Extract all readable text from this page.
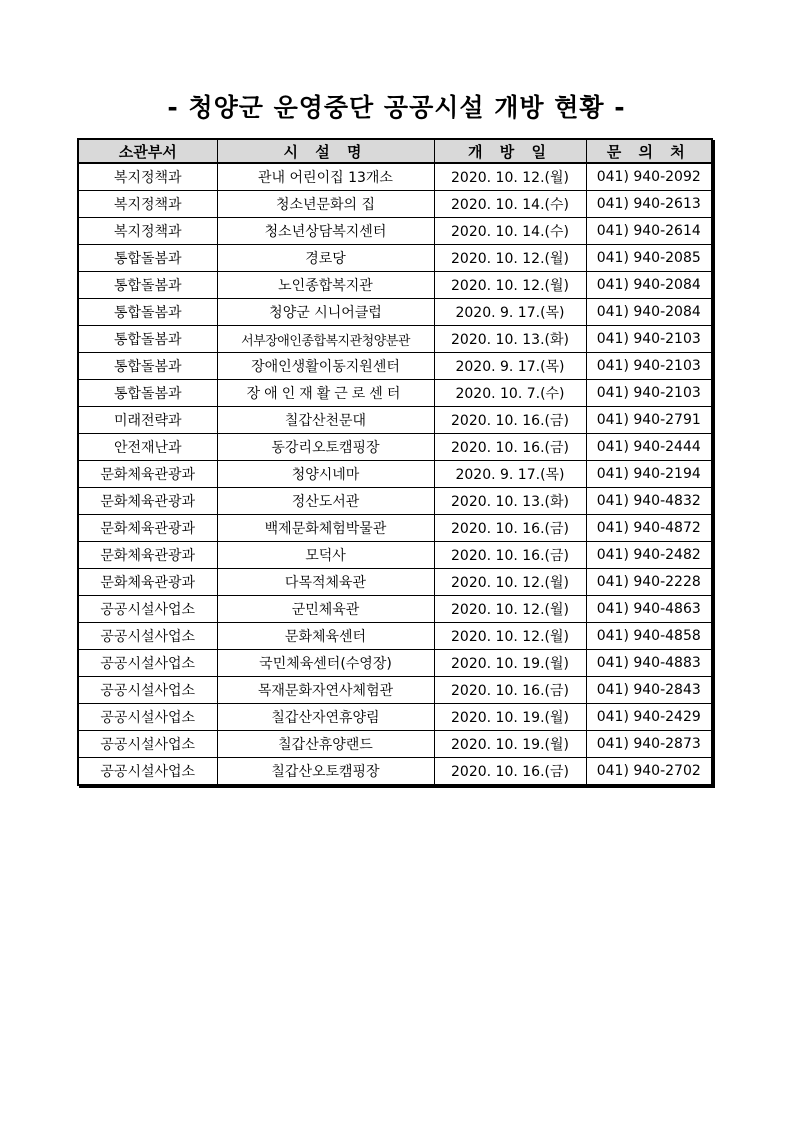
- 청양군 운영중단 공공시설 개방 현황 -
소관부서	시 설 명	개 방 일	문 의 처
복지정책과	관내 어린이집 13개소	2020. 10. 12.(월)	041) 940-2092
복지정책과	청소년문화의 집	2020. 10. 14.(수)	041) 940-2613
복지정책과	청소년상담복지센터	2020. 10. 14.(수)	041) 940-2614
통합돌봄과	경로당	2020. 10. 12.(월)	041) 940-2085
통합돌봄과	노인종합복지관	2020. 10. 12.(월)	041) 940-2084
통합돌봄과	청양군 시니어클럽	2020. 9. 17.(목)	041) 940-2084
통합돌봄과	서부장애인종합복지관청양분관	2020. 10. 13.(화)	041) 940-2103
통합돌봄과	장애인생활이동지원센터	2020. 9. 17.(목)	041) 940-2103
통합돌봄과	장애인재활근로센터	2020. 10. 7.(수)	041) 940-2103
미래전략과	칠갑산천문대	2020. 10. 16.(금)	041) 940-2791
안전재난과	동강리오토캠핑장	2020. 10. 16.(금)	041) 940-2444
문화체육관광과	청양시네마	2020. 9. 17.(목)	041) 940-2194
문화체육관광과	정산도서관	2020. 10. 13.(화)	041) 940-4832
문화체육관광과	백제문화체험박물관	2020. 10. 16.(금)	041) 940-4872
문화체육관광과	모덕사	2020. 10. 16.(금)	041) 940-2482
문화체육관광과	다목적체육관	2020. 10. 12.(월)	041) 940-2228
공공시설사업소	군민체육관	2020. 10. 12.(월)	041) 940-4863
공공시설사업소	문화체육센터	2020. 10. 12.(월)	041) 940-4858
공공시설사업소	국민체육센터(수영장)	2020. 10. 19.(월)	041) 940-4883
공공시설사업소	목재문화자연사체험관	2020. 10. 16.(금)	041) 940-2843
공공시설사업소	칠갑산자연휴양림	2020. 10. 19.(월)	041) 940-2429
공공시설사업소	칠갑산휴양랜드	2020. 10. 19.(월)	041) 940-2873
공공시설사업소	칠갑산오토캠핑장	2020. 10. 16.(금)	041) 940-2702
